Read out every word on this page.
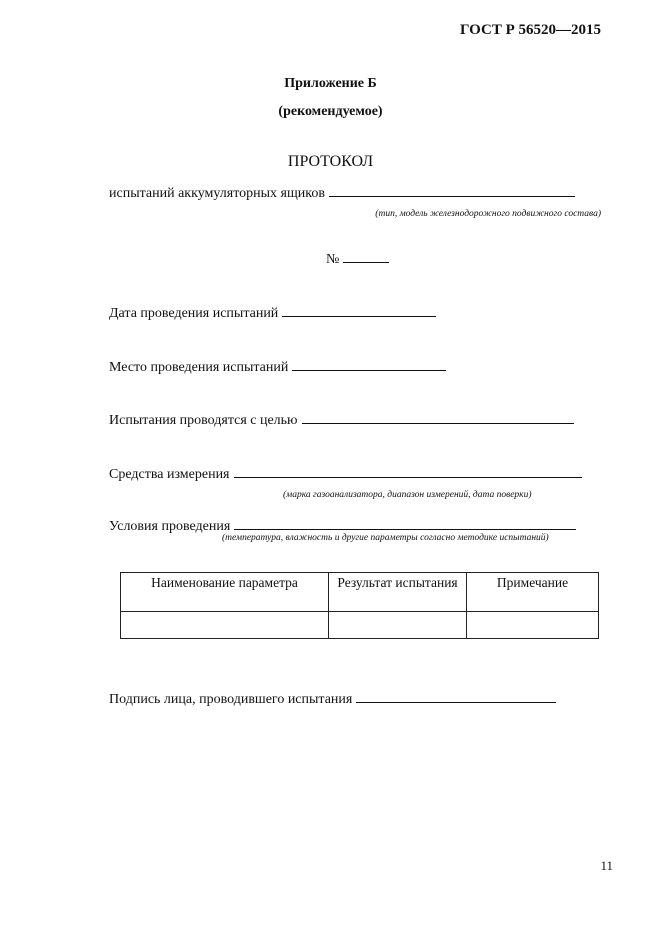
ГОСТ Р 56520—2015
Приложение Б
(рекомендуемое)
ПРОТОКОЛ
испытаний аккумуляторных ящиков
(тип, модель железнодорожного подвижного состава)
№
Дата проведения испытаний
Место проведения испытаний
Испытания проводятся с целью
Средства измерения
(марка газоанализатора, диапазон измерений, дата поверки)
Условия проведения
(температура, влажность и другие параметры согласно методике испытаний)
Наименование параметра	Результат испытания	Примечание

Подпись лица, проводившего испытания
11
